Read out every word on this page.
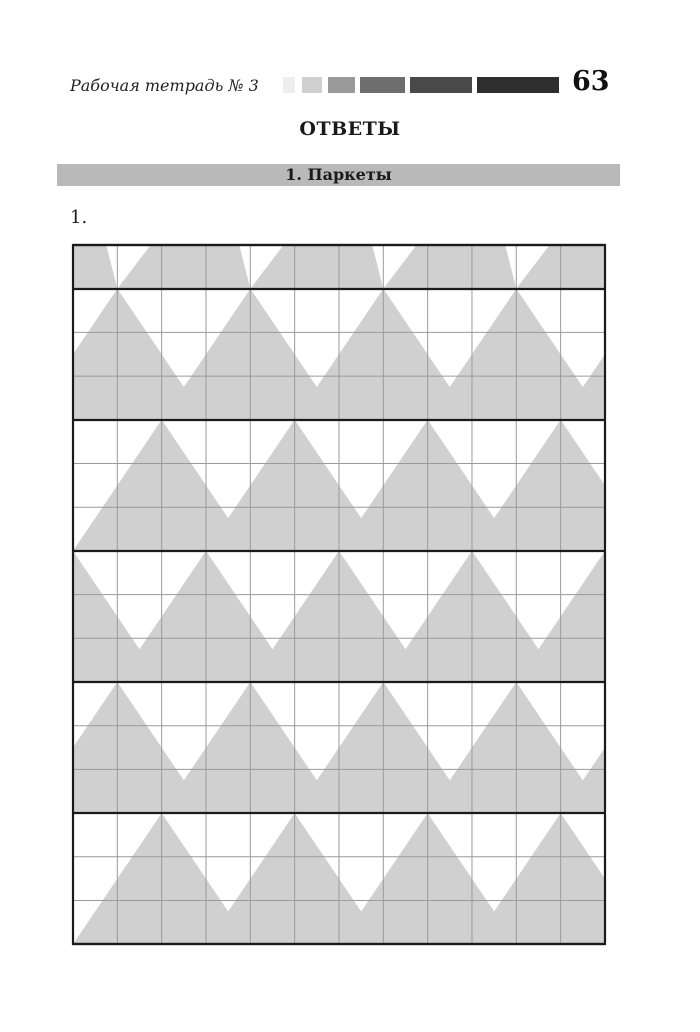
Рабочая тетрадь № 3	63
ОТВЕТЫ
1. Паркеты
1.
